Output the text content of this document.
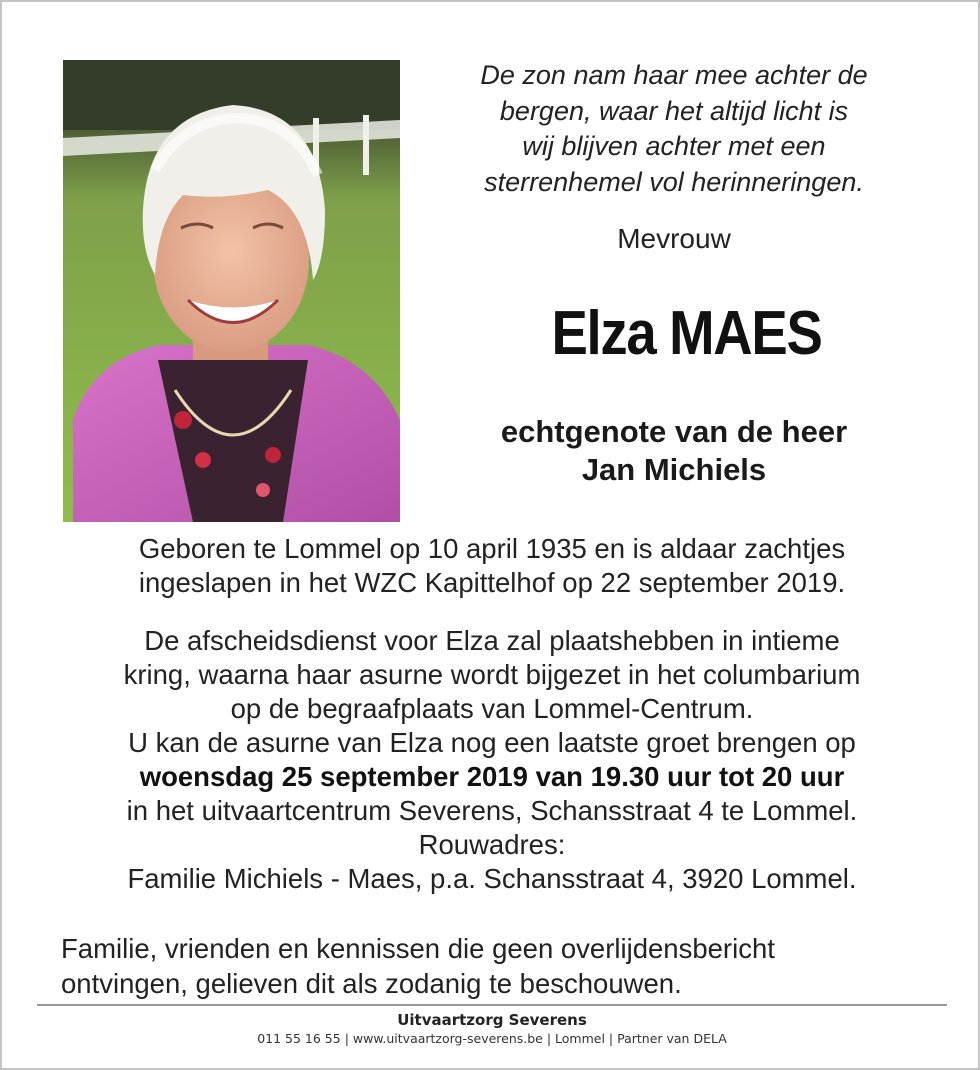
De zon nam haar mee achter de
bergen, waar het altijd licht is
wij blijven achter met een
sterrenhemel vol herinneringen.
Mevrouw
Elza MAES
echtgenote van de heer
Jan Michiels
Geboren te Lommel op 10 april 1935 en is aldaar zachtjes
ingeslapen in het WZC Kapittelhof op 22 september 2019.
De afscheidsdienst voor Elza zal plaatshebben in intieme
kring, waarna haar asurne wordt bijgezet in het columbarium
op de begraafplaats van Lommel-Centrum.
U kan de asurne van Elza nog een laatste groet brengen op
woensdag 25 september 2019 van 19.30 uur tot 20 uur
in het uitvaartcentrum Severens, Schansstraat 4 te Lommel.
Rouwadres:
Familie Michiels - Maes, p.a. Schansstraat 4, 3920 Lommel.
Familie, vrienden en kennissen die geen overlijdensbericht
ontvingen, gelieven dit als zodanig te beschouwen.
Uitvaartzorg Severens
011 55 16 55 | www.uitvaartzorg-severens.be | Lommel | Partner van DELA
